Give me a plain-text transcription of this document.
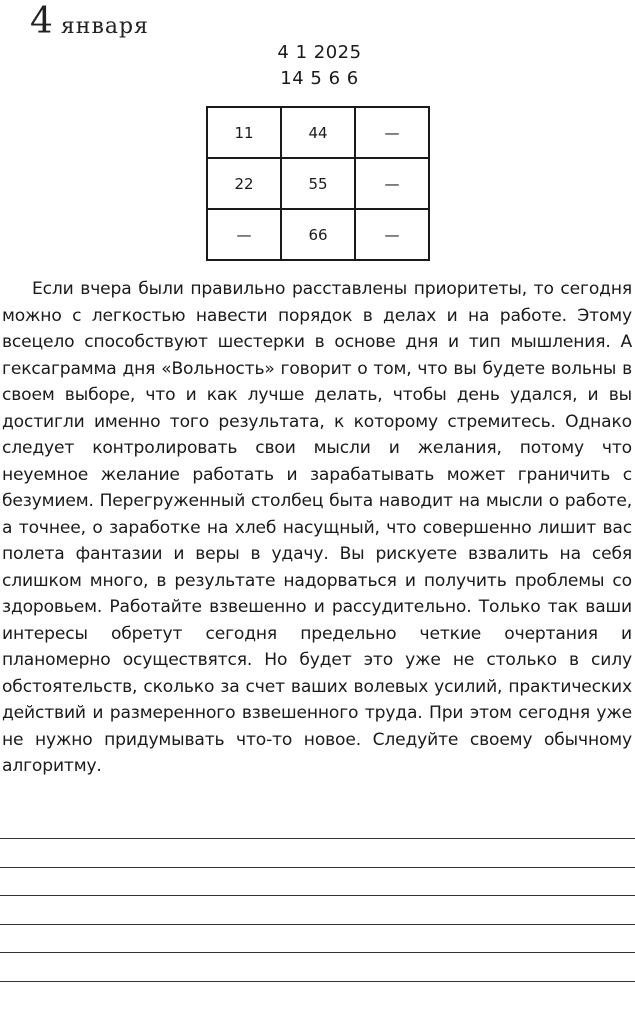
4 января
4 1 2025
14 5 6 6
11	44	—
22	55	—
—	66	—

Если вчера были правильно расставлены приоритеты, то сегодня можно с легкостью навести порядок в делах и на работе. Этому всецело способствуют шестерки в основе дня и тип мышления. А гексаграмма дня «Вольность» говорит о том, что вы будете вольны в своем выборе, что и как лучше делать, чтобы день удался, и вы достигли именно того результата, к которому стремитесь. Однако следует контролировать свои мысли и желания, потому что неуемное желание работать и зарабатывать может граничить с безумием. Перегруженный столбец быта наводит на мысли о работе, а точнее, о заработке на хлеб насущный, что совершенно лишит вас полета фантазии и веры в удачу. Вы рискуете взвалить на себя слишком много, в результате надорваться и получить проблемы со здоровьем. Работайте взвешенно и рассудительно. Только так ваши интересы обретут сегодня предельно четкие очертания и планомерно осуществятся. Но будет это уже не столько в силу обстоятельств, сколько за счет ваших волевых усилий, практических действий и размеренного взвешенного труда. При этом сегодня уже не нужно придумывать что-то новое. Следуйте своему обычному алгоритму.
